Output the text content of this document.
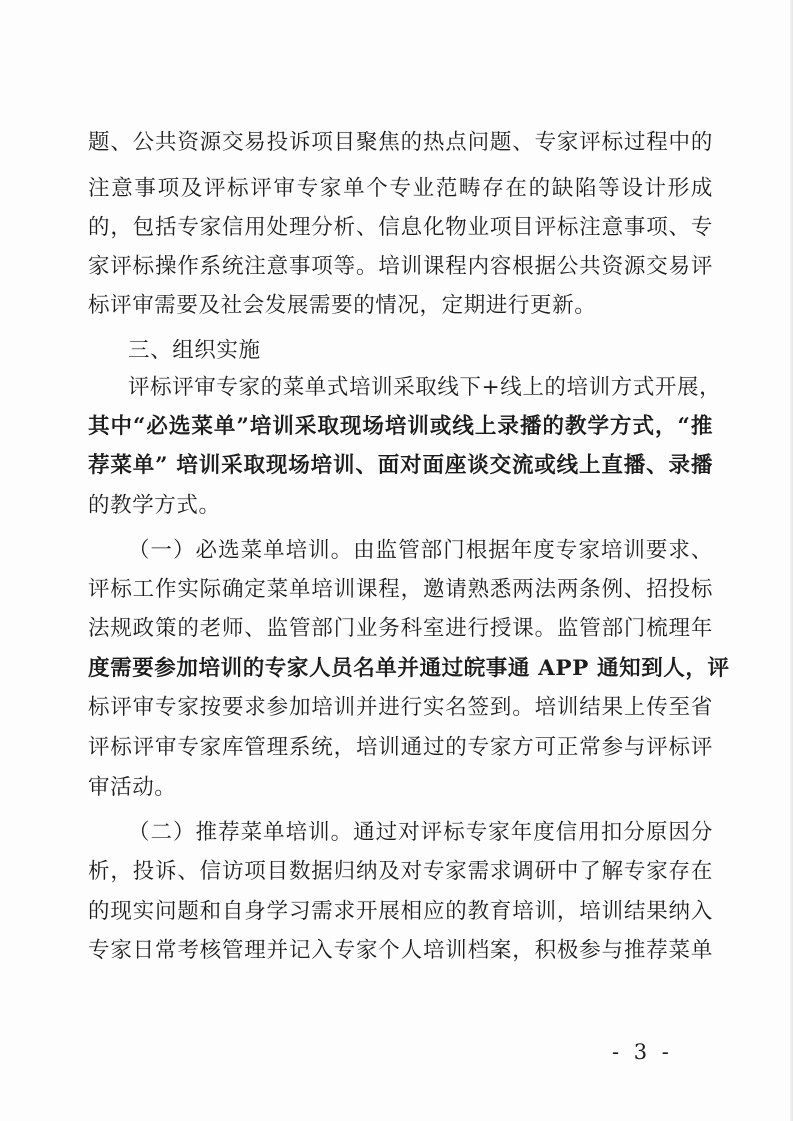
题、公共资源交易投诉项目聚焦的热点问题、专家评标过程中的
注意事项及评标评审专家单个专业范畴存在的缺陷等设计形成
的，包括专家信用处理分析、信息化物业项目评标注意事项、专
家评标操作系统注意事项等。培训课程内容根据公共资源交易评
标评审需要及社会发展需要的情况，定期进行更新。
三、组织实施
评标评审专家的菜单式培训采取线下+线上的培训方式开展，
其中“必选菜单”培训采取现场培训或线上录播的教学方式，“推
荐菜单” 培训采取现场培训、面对面座谈交流或线上直播、录播
的教学方式。
（一）必选菜单培训。由监管部门根据年度专家培训要求、
评标工作实际确定菜单培训课程，邀请熟悉两法两条例、招投标
法规政策的老师、监管部门业务科室进行授课。监管部门梳理年
度需要参加培训的专家人员名单并通过皖事通 APP 通知到人，评
标评审专家按要求参加培训并进行实名签到。培训结果上传至省
评标评审专家库管理系统，培训通过的专家方可正常参与评标评
审活动。
（二）推荐菜单培训。通过对评标专家年度信用扣分原因分
析，投诉、信访项目数据归纳及对专家需求调研中了解专家存在
的现实问题和自身学习需求开展相应的教育培训，培训结果纳入
专家日常考核管理并记入专家个人培训档案，积极参与推荐菜单
- 3 -
